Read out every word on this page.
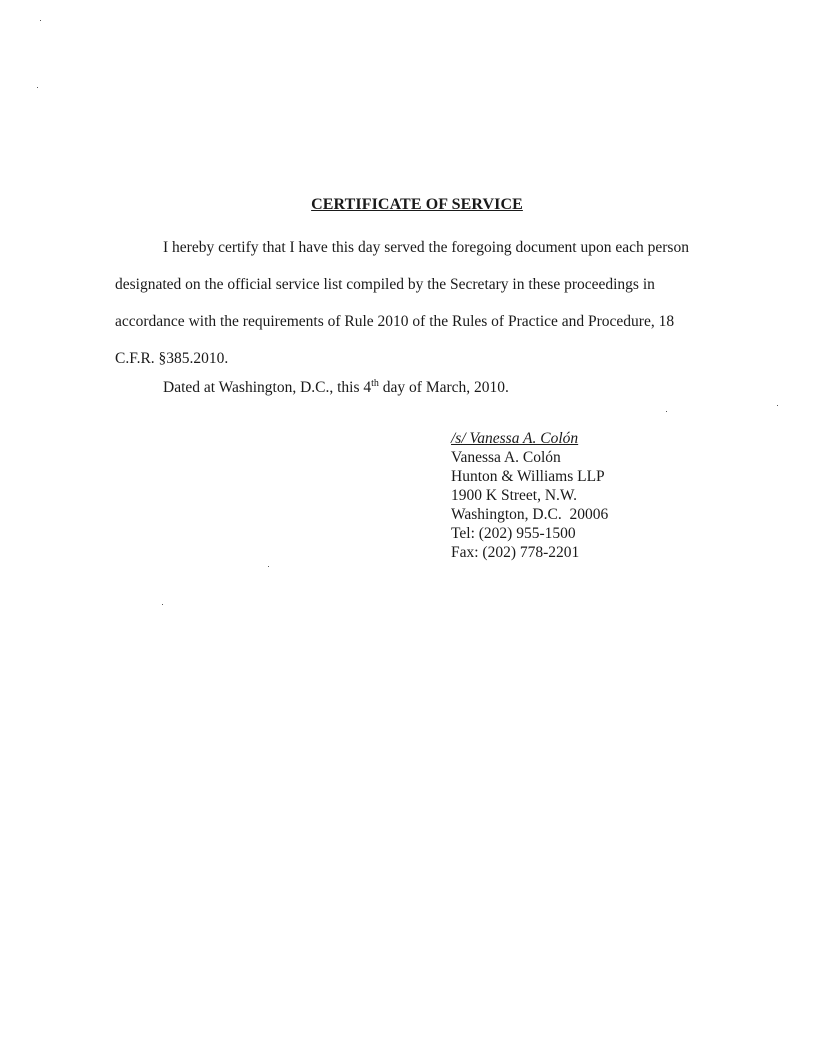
CERTIFICATE OF SERVICE

I hereby certify that I have this day served the foregoing document upon each person designated on the official service list compiled by the Secretary in these proceedings in accordance with the requirements of Rule 2010 of the Rules of Practice and Procedure, 18 C.F.R. §385.2010.

Dated at Washington, D.C., this 4th day of March, 2010.
/s/ Vanessa A. Colón
Vanessa A. Colón
Hunton & Williams LLP
1900 K Street, N.W.
Washington, D.C.  20006
Tel: (202) 955-1500
Fax: (202) 778-2201
